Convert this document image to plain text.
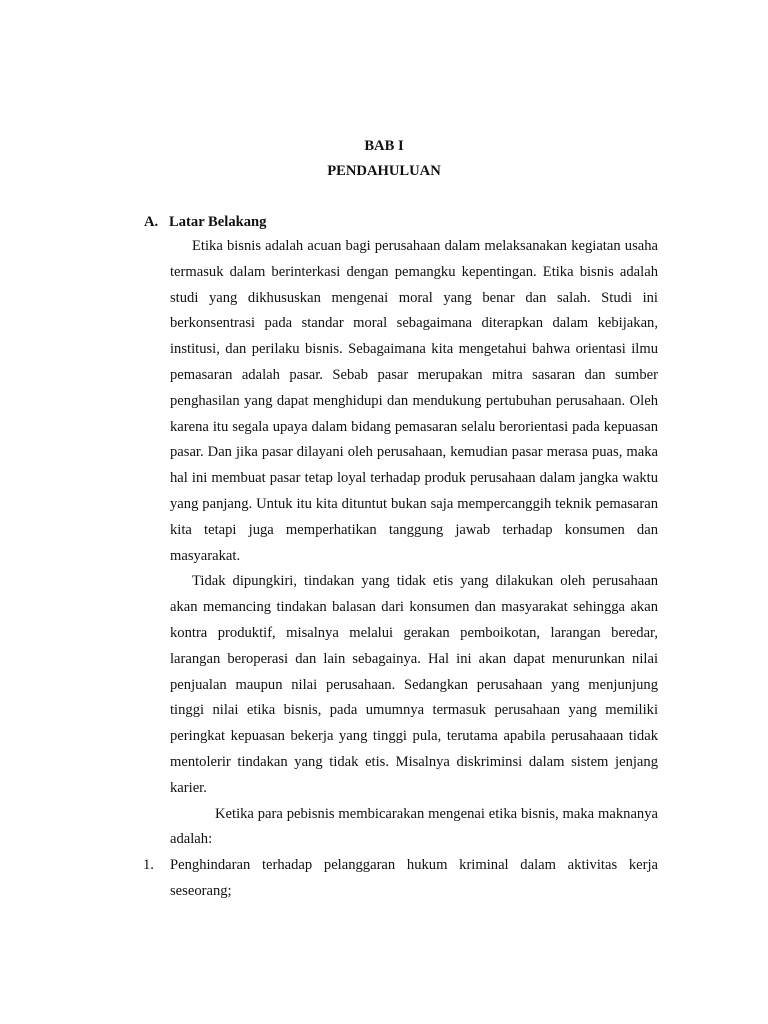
BAB I
PENDAHULUAN
A. Latar Belakang

Etika bisnis adalah acuan bagi perusahaan dalam melaksanakan kegiatan usaha termasuk dalam berinterkasi dengan pemangku kepentingan. Etika bisnis adalah studi yang dikhususkan mengenai moral yang benar dan salah. Studi ini berkonsentrasi pada standar moral sebagaimana diterapkan dalam kebijakan, institusi, dan perilaku bisnis. Sebagaimana kita mengetahui bahwa orientasi ilmu pemasaran adalah pasar. Sebab pasar merupakan mitra sasaran dan sumber penghasilan yang dapat menghidupi dan mendukung pertubuhan perusahaan. Oleh karena itu segala upaya dalam bidang pemasaran selalu berorientasi pada kepuasan pasar. Dan jika pasar dilayani oleh perusahaan, kemudian pasar merasa puas, maka hal ini membuat pasar tetap loyal terhadap produk perusahaan dalam jangka waktu yang panjang. Untuk itu kita dituntut bukan saja mempercanggih teknik pemasaran kita tetapi juga memperhatikan tanggung jawab terhadap konsumen dan masyarakat.

Tidak dipungkiri, tindakan yang tidak etis yang dilakukan oleh perusahaan akan memancing tindakan balasan dari konsumen dan masyarakat sehingga akan kontra produktif, misalnya melalui gerakan pemboikotan, larangan beredar, larangan beroperasi dan lain sebagainya. Hal ini akan dapat menurunkan nilai penjualan maupun nilai perusahaan. Sedangkan perusahaan yang menjunjung tinggi nilai etika bisnis, pada umumnya termasuk perusahaan yang memiliki peringkat kepuasan bekerja yang tinggi pula, terutama apabila perusahaaan tidak mentolerir tindakan yang tidak etis. Misalnya diskriminsi dalam sistem jenjang karier.

Ketika para pebisnis membicarakan mengenai etika bisnis, maka maknanya adalah:

1.	Penghindaran terhadap pelanggaran hukum kriminal dalam aktivitas kerja seseorang;
